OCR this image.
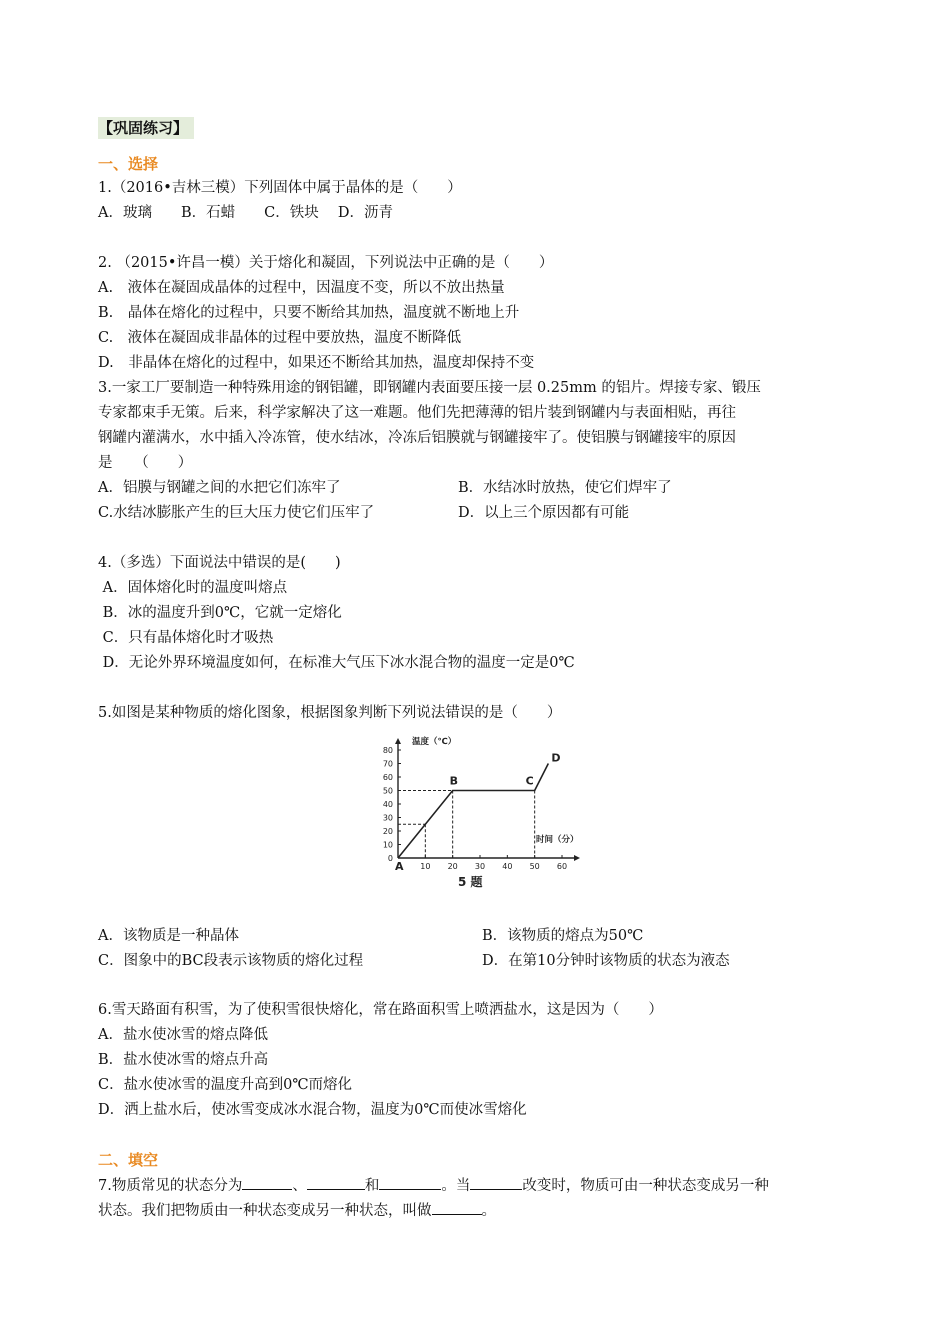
【巩固练习】
一、选择
1.（2016•吉林三模）下列固体中属于晶体的是（　　）
A．玻璃　　B．石蜡　　C．铁块　 D．沥青
2. （2015•许昌一模）关于熔化和凝固，下列说法中正确的是（　　）
A.　液体在凝固成晶体的过程中，因温度不变，所以不放出热量
B.　晶体在熔化的过程中，只要不断给其加热，温度就不断地上升
C.　液体在凝固成非晶体的过程中要放热，温度不断降低
D.　非晶体在熔化的过程中，如果还不断给其加热，温度却保持不变
3.一家工厂要制造一种特殊用途的钢铝罐，即钢罐内表面要压接一层 0.25mm 的铝片。焊接专家、锻压
专家都束手无策。后来，科学家解决了这一难题。他们先把薄薄的铝片装到钢罐内与表面相贴，再往
钢罐内灌满水，水中插入冷冻管，使水结冰，冷冻后铝膜就与钢罐接牢了。使铝膜与钢罐接牢的原因
是　　（　　）
A．铝膜与钢罐之间的水把它们冻牢了	B．水结冰时放热，使它们焊牢了
C.水结冰膨胀产生的巨大压力使它们压牢了	D．以上三个原因都有可能
4.（多选）下面说法中错误的是(　　)
A．固体熔化时的温度叫熔点
B．冰的温度升到0℃，它就一定熔化
C．只有晶体熔化时才吸热
D．无论外界环境温度如何，在标准大气压下冰水混合物的温度一定是0℃
5.如图是某种物质的熔化图象，根据图象判断下列说法错误的是（　　）
0
10
20
30
40
50
60
70
80
10 20 30 40 50 60
A
B	C
D
温度（℃）
时间（分）
5 题
A．该物质是一种晶体	B．该物质的熔点为50℃
C．图象中的BC段表示该物质的熔化过程	D．在第10分钟时该物质的状态为液态
6.雪天路面有积雪，为了使积雪很快熔化，常在路面积雪上喷洒盐水，这是因为（　　）
A．盐水使冰雪的熔点降低
B．盐水使冰雪的熔点升高
C．盐水使冰雪的温度升高到0℃而熔化
D．洒上盐水后，使冰雪变成冰水混合物，温度为0℃而使冰雪熔化
二、填空
7.物质常见的状态分为	、	和	。当	改变时，物质可由一种状态变成另一种
状态。我们把物质由一种状态变成另一种状态，叫做	。
